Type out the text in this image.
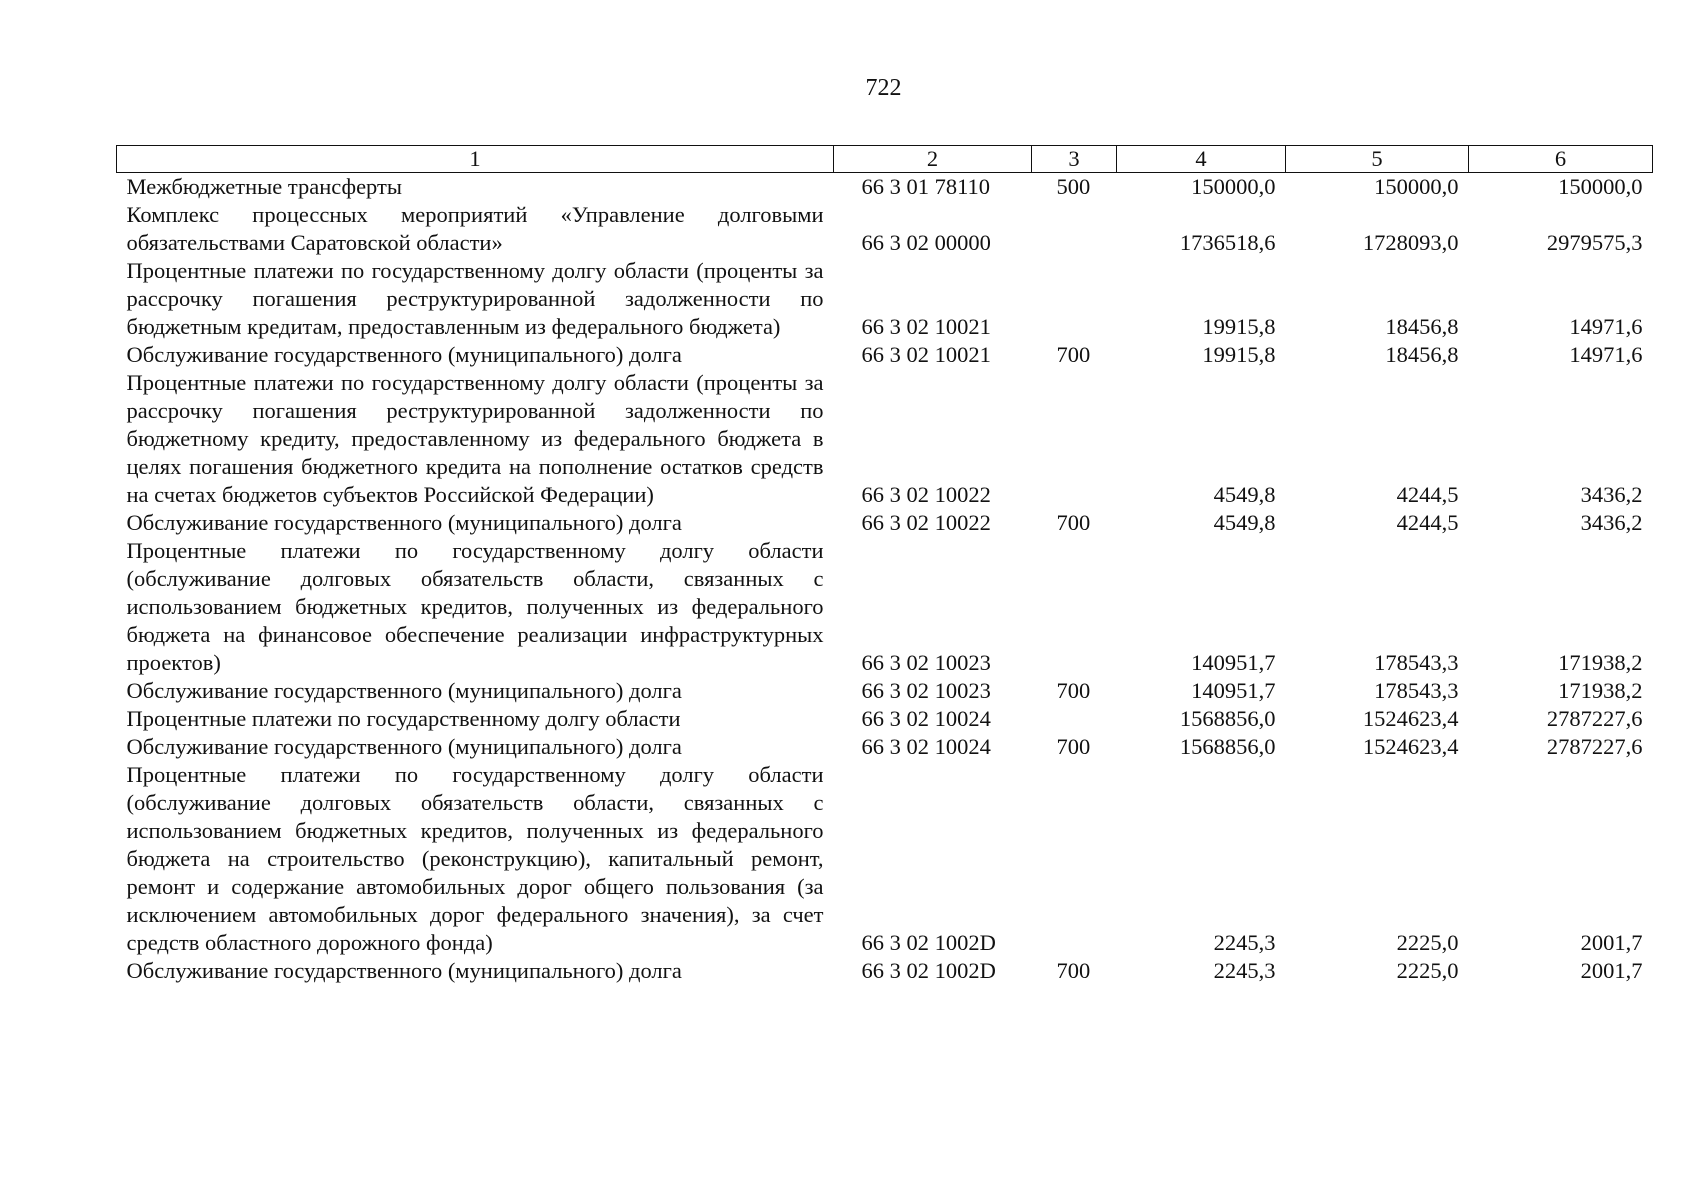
722
1	2	3	4	5	6
Межбюджетные трансферты	66 3 01 78110	500	150000,0	150000,0	150000,0
Комплекс процессных мероприятий «Управление долговыми обязательствами Саратовской области»	66 3 02 00000		1736518,6	1728093,0	2979575,3
Процентные платежи по государственному долгу области (проценты за рассрочку погашения реструктурированной задолженности по бюджетным кредитам, предоставленным из федерального бюджета)	66 3 02 10021		19915,8	18456,8	14971,6
Обслуживание государственного (муниципального) долга	66 3 02 10021	700	19915,8	18456,8	14971,6
Процентные платежи по государственному долгу области (проценты за рассрочку погашения реструктурированной задолженности по бюджетному кредиту, предоставленному из федерального бюджета в целях погашения бюджетного кредита на пополнение остатков средств на счетах бюджетов субъектов Российской Федерации)	66 3 02 10022		4549,8	4244,5	3436,2
Обслуживание государственного (муниципального) долга	66 3 02 10022	700	4549,8	4244,5	3436,2
Процентные платежи по государственному долгу области (обслуживание долговых обязательств области, связанных с использованием бюджетных кредитов, полученных из федерального бюджета на финансовое обеспечение реализации инфраструктурных проектов)	66 3 02 10023		140951,7	178543,3	171938,2
Обслуживание государственного (муниципального) долга	66 3 02 10023	700	140951,7	178543,3	171938,2
Процентные платежи по государственному долгу области	66 3 02 10024		1568856,0	1524623,4	2787227,6
Обслуживание государственного (муниципального) долга	66 3 02 10024	700	1568856,0	1524623,4	2787227,6
Процентные платежи по государственному долгу области (обслуживание долговых обязательств области, связанных с использованием бюджетных кредитов, полученных из федерального бюджета на строительство (реконструкцию), капитальный ремонт, ремонт и содержание автомобильных дорог общего пользования (за исключением автомобильных дорог федерального значения), за счет средств областного дорожного фонда)	66 3 02 1002D		2245,3	2225,0	2001,7
Обслуживание государственного (муниципального) долга	66 3 02 1002D	700	2245,3	2225,0	2001,7
